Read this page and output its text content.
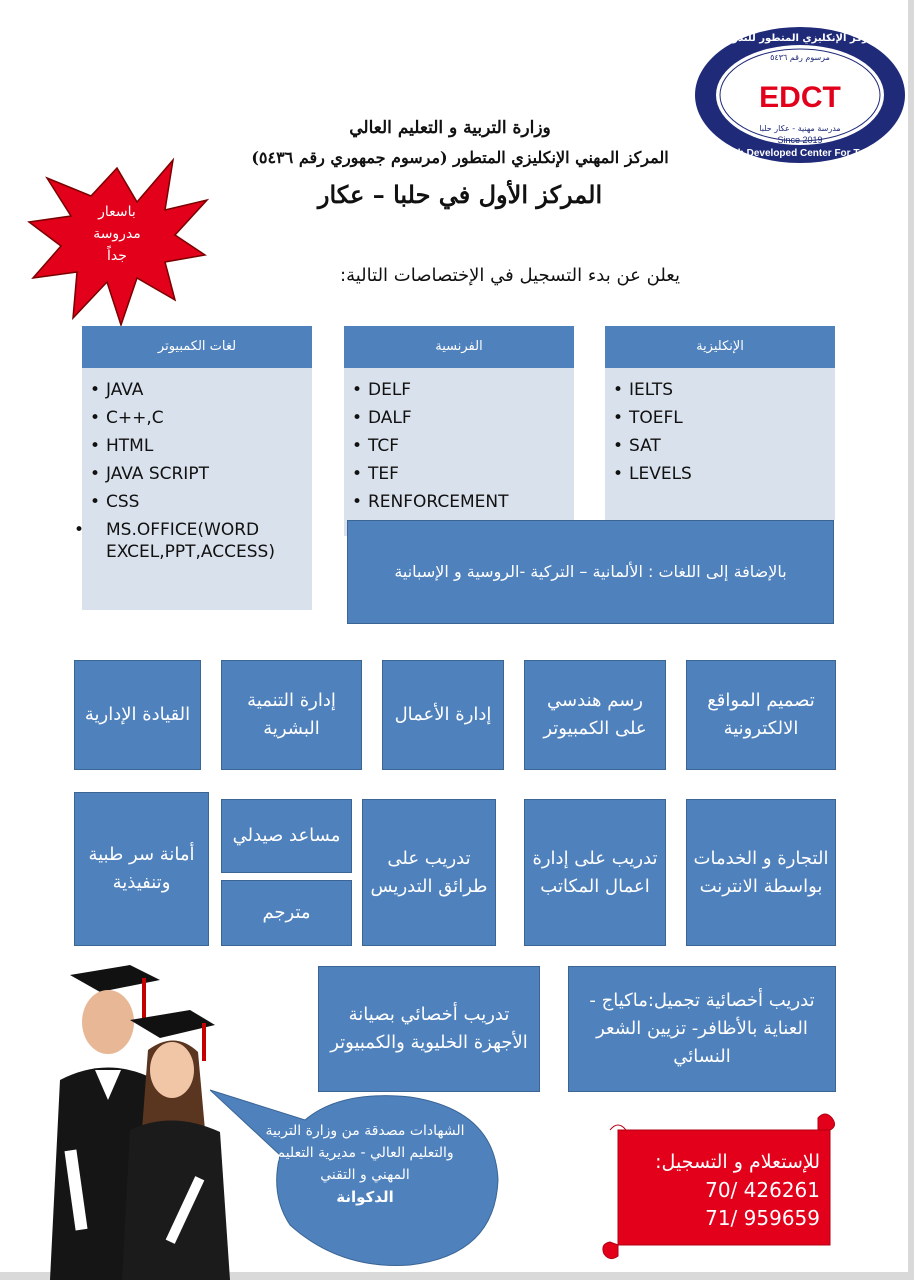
EDCT
مرسوم رقم ٥٤٣٦
مدرسة مهنية - عكار حلبا
المركز الإنكليزي المتطور للتدريب
English Developed Center For Training
Since 2019
وزارة التربية و التعليم العالي
المركز المهني الإنكليزي المتطور (مرسوم جمهوري رقم ٥٤٣٦)
المركز الأول في حلبا – عكار
باسعار
مدروسة
جداً
يعلن عن بدء التسجيل في الإختصاصات التالية:
لغات الكمبيوتر
• JAVA
• C++,C
• HTML
• JAVA SCRIPT
• CSS
• MS.OFFICE(WORD EXCEL,PPT,ACCESS)
الفرنسية
• DELF
• DALF
• TCF
• TEF
• RENFORCEMENT
الإنكليزية
• IELTS
• TOEFL
• SAT
• LEVELS
بالإضافة إلى اللغات : الألمانية – التركية -الروسية و الإسبانية
القيادة الإدارية
إدارة التنمية البشرية
إدارة الأعمال
رسم هندسي على الكمبيوتر
تصميم المواقع الالكترونية
أمانة سر طبية وتنفيذية
مساعد صيدلي
مترجم
تدريب على طرائق التدريس
تدريب على إدارة اعمال المكاتب
التجارة و الخدمات بواسطة الانترنت
تدريب أخصائي بصيانة الأجهزة الخليوية والكمبيوتر
تدريب أخصائية تجميل:ماكياج - العناية بالأظافر- تزيين الشعر النسائي
الشهادات مصدقة من وزارة التربية والتعليم العالي - مديرية التعليم المهني و التقني
الدكوانة
للإستعلام و التسجيل:
70/ 426261
71/ 959659
